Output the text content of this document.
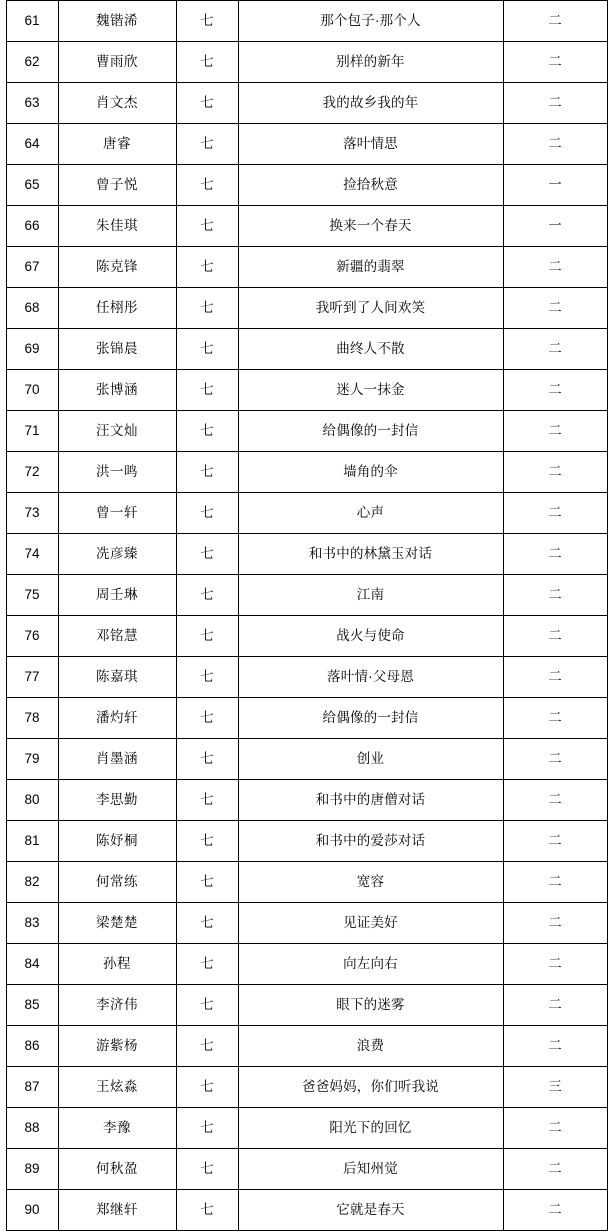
61	魏锴浠	七	那个包子·那个人	二
62	曹雨欣	七	别样的新年	二
63	肖文杰	七	我的故乡我的年	二
64	唐睿	七	落叶情思	二
65	曾子悦	七	捡拾秋意	一
66	朱佳琪	七	换来一个春天	一
67	陈克锋	七	新疆的翡翠	二
68	任栩彤	七	我听到了人间欢笑	二
69	张锦晨	七	曲终人不散	二
70	张博涵	七	迷人一抹金	二
71	汪文灿	七	给偶像的一封信	二
72	洪一鸣	七	墙角的伞	二
73	曾一轩	七	心声	二
74	冼彦臻	七	和书中的林黛玉对话	二
75	周壬琳	七	江南	二
76	邓铭慧	七	战火与使命	二
77	陈嘉琪	七	落叶情·父母恩	二
78	潘灼轩	七	给偶像的一封信	二
79	肖墨涵	七	创业	二
80	李思勤	七	和书中的唐僧对话	二
81	陈妤桐	七	和书中的爱莎对话	二
82	何常练	七	宽容	二
83	梁楚楚	七	见证美好	二
84	孙程	七	向左向右	二
85	李济伟	七	眼下的迷雾	二
86	游紫杨	七	浪费	二
87	王炫淼	七	爸爸妈妈，你们听我说	三
88	李豫	七	阳光下的回忆	二
89	何秋盈	七	后知州觉	二
90	郑继轩	七	它就是春天	二
